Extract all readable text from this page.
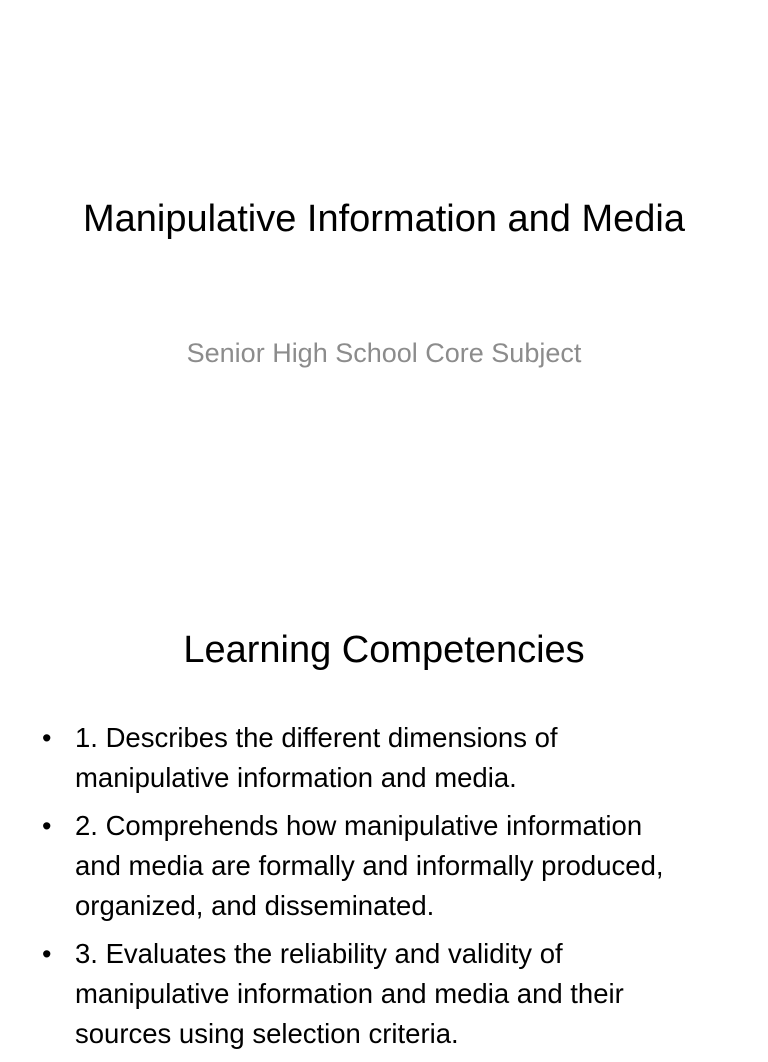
Manipulative Information and Media

Senior High School Core Subject

Learning Competencies
• 1. Describes the different dimensions of manipulative information and media.
• 2. Comprehends how manipulative information and media are formally and informally produced, organized, and disseminated.
• 3. Evaluates the reliability and validity of manipulative information and media and their sources using selection criteria.
